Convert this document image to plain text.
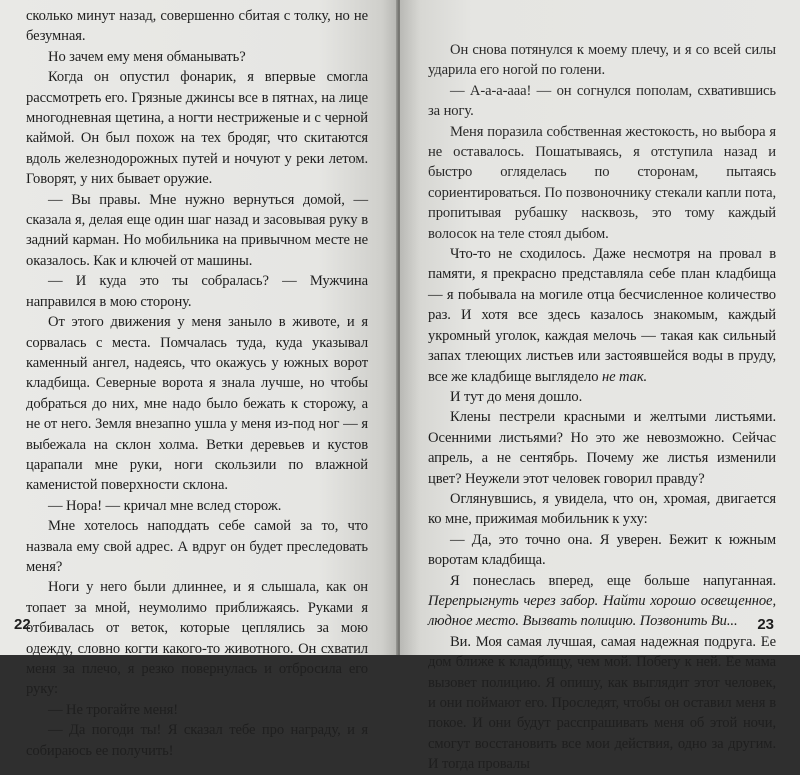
сколько минут назад, совершенно сбитая с толку, но не безумная.

Но зачем ему меня обманывать?

Когда он опустил фонарик, я впервые смогла рассмотреть его. Грязные джинсы все в пятнах, на лице многодневная щетина, а ногти нестриженые и с черной каймой. Он был похож на тех бродяг, что скитаются вдоль железнодорожных путей и ночуют у реки летом. Говорят, у них бывает оружие.

— Вы правы. Мне нужно вернуться домой, — сказала я, делая еще один шаг назад и засовывая руку в задний карман. Но мобильника на привычном месте не оказалось. Как и ключей от машины.

— И куда это ты собралась? — Мужчина направился в мою сторону.

От этого движения у меня заныло в животе, и я сорвалась с места. Помчалась туда, куда указывал каменный ангел, надеясь, что окажусь у южных ворот кладбища. Северные ворота я знала лучше, но чтобы добраться до них, мне надо было бежать к сторожу, а не от него. Земля внезапно ушла у меня из-под ног — я выбежала на склон холма. Ветки деревьев и кустов царапали мне руки, ноги скользили по влажной каменистой поверхности склона.

— Нора! — кричал мне вслед сторож.

Мне хотелось наподдать себе самой за то, что назвала ему свой адрес. А вдруг он будет преследовать меня?

Ноги у него были длиннее, и я слышала, как он топает за мной, неумолимо приближаясь. Руками я отбивалась от веток, которые цеплялись за мою одежду, словно когти какого-то животного. Он схватил меня за плечо, я резко повернулась и отбросила его руку:

— Не трогайте меня!

— Да погоди ты! Я сказал тебе про награду, и я собираюсь ее получить!

22

Он снова потянулся к моему плечу, и я со всей силы ударила его ногой по голени.

— А-а-а-ааа! — он согнулся пополам, схватившись за ногу.

Меня поразила собственная жестокость, но выбора я не оставалось. Пошатываясь, я отступила назад и быстро огляделась по сторонам, пытаясь сориентироваться. По позвоночнику стекали капли пота, пропитывая рубашку насквозь, это тому каждый волосок на теле стоял дыбом.

Что-то не сходилось. Даже несмотря на провал в памяти, я прекрасно представляла себе план кладбища — я побывала на могиле отца бесчисленное количество раз. И хотя все здесь казалось знакомым, каждый укромный уголок, каждая мелочь — такая как сильный запах тлеющих листьев или застоявшейся воды в пруду, все же кладбище выглядело не так.

И тут до меня дошло.

Клены пестрели красными и желтыми листьями. Осенними листьями? Но это же невозможно. Сейчас апрель, а не сентябрь. Почему же листья изменили цвет? Неужели этот человек говорил правду?

Оглянувшись, я увидела, что он, хромая, двигается ко мне, прижимая мобильник к уху:

— Да, это точно она. Я уверен. Бежит к южным воротам кладбища.

Я понеслась вперед, еще больше напуганная. Перепрыгнуть через забор. Найти хорошо освещенное, людное место. Вызвать полицию. Позвонить Ви...

Ви. Моя самая лучшая, самая надежная подруга. Ее дом ближе к кладбищу, чем мой. Побегу к ней. Ее мама вызовет полицию. Я опишу, как выглядит этот человек, и они поймают его. Проследят, чтобы он оставил меня в покое. И они будут расспрашивать меня об этой ночи, смогут восстановить все мои действия, одно за другим. И тогда провалы

23
